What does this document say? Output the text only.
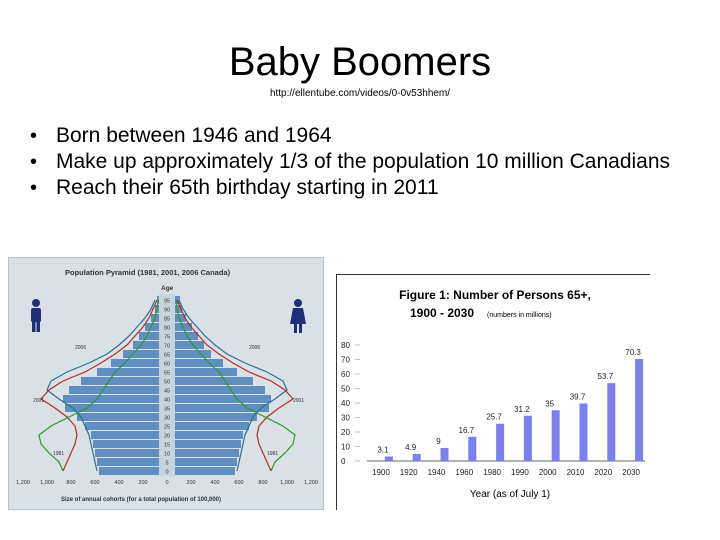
Baby Boomers
http://ellentube.com/videos/0-0v53hhem/
• Born between 1946 and 1964
• Make up approximately 1/3 of the population 10 million Canadians
• Reach their 65th birthday starting in 2011
Population Pyramid (1981, 2001, 2006 Canada)
Age
95
90
85
80
75
70
65
60
55
50
45
40
35
30
25
20
15
10
5
0
2006	2006
2001	2001
1981	1981
1,200 1,000 800	600	400	200	0	200	400	600	800 1,000 1,200
Size of annual cohorts (for a total population of 100,000)
Figure 1: Number of Persons 65+,
1900 - 2030 (numbers in millions)
0
10
20
30
40
50
60
70
80
1900 1920 1940 1960 1980 1990 2000 2010 2020 2030
3.1 4.9
9
16.7
25.7
31.2
35
39.7
53.7
70.3
Year (as of July 1)
